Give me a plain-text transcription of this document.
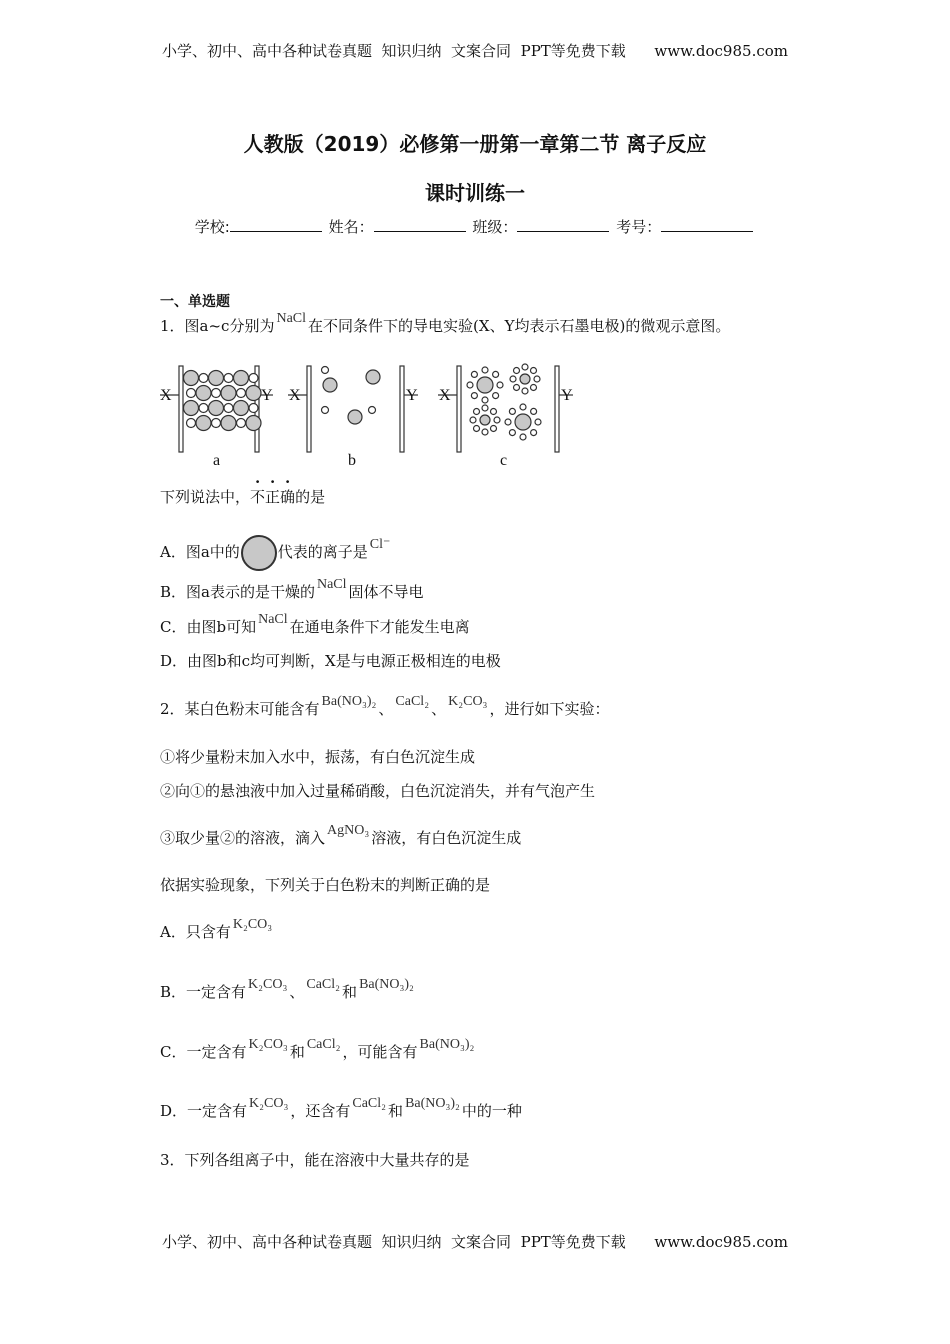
小学、初中、高中各种试卷真题  知识归纳  文案合同  PPT等免费下载      www.doc985.com
人教版（2019）必修第一册第一章第二节 离子反应
课时训练一
学校:	姓名：	班级：	考号：
一、单选题
1．图a~c分别为 NaCl 在不同条件下的导电实验(X、Y均表示石墨电极)的微观示意图。
下列说法中，不正确的是
A．图a中的	代表的离子是 Cl⁻
B．图a表示的是干燥的 NaCl 固体不导电
C．由图b可知 NaCl 在通电条件下才能发生电离
D．由图b和c均可判断，X是与电源正极相连的电极
2．某白色粉末可能含有 Ba(NO₃)₂ 、 CaCl₂ 、 K₂CO₃ ，进行如下实验：
①将少量粉末加入水中，振荡，有白色沉淀生成
②向①的悬浊液中加入过量稀硝酸，白色沉淀消失，并有气泡产生
③取少量②的溶液，滴入 AgNO₃ 溶液，有白色沉淀生成
依据实验现象，下列关于白色粉末的判断正确的是
A．只含有 K₂CO₃
B．一定含有 K₂CO₃ 、 CaCl₂ 和 Ba(NO₃)₂
C．一定含有 K₂CO₃ 和 CaCl₂ ，可能含有 Ba(NO₃)₂
D．一定含有 K₂CO₃ ，还含有 CaCl₂ 和 Ba(NO₃)₂ 中的一种
3．下列各组离子中，能在溶液中大量共存的是
X	Y X	Y X	Y
a	b	c
小学、初中、高中各种试卷真题  知识归纳  文案合同  PPT等免费下载      www.doc985.com
